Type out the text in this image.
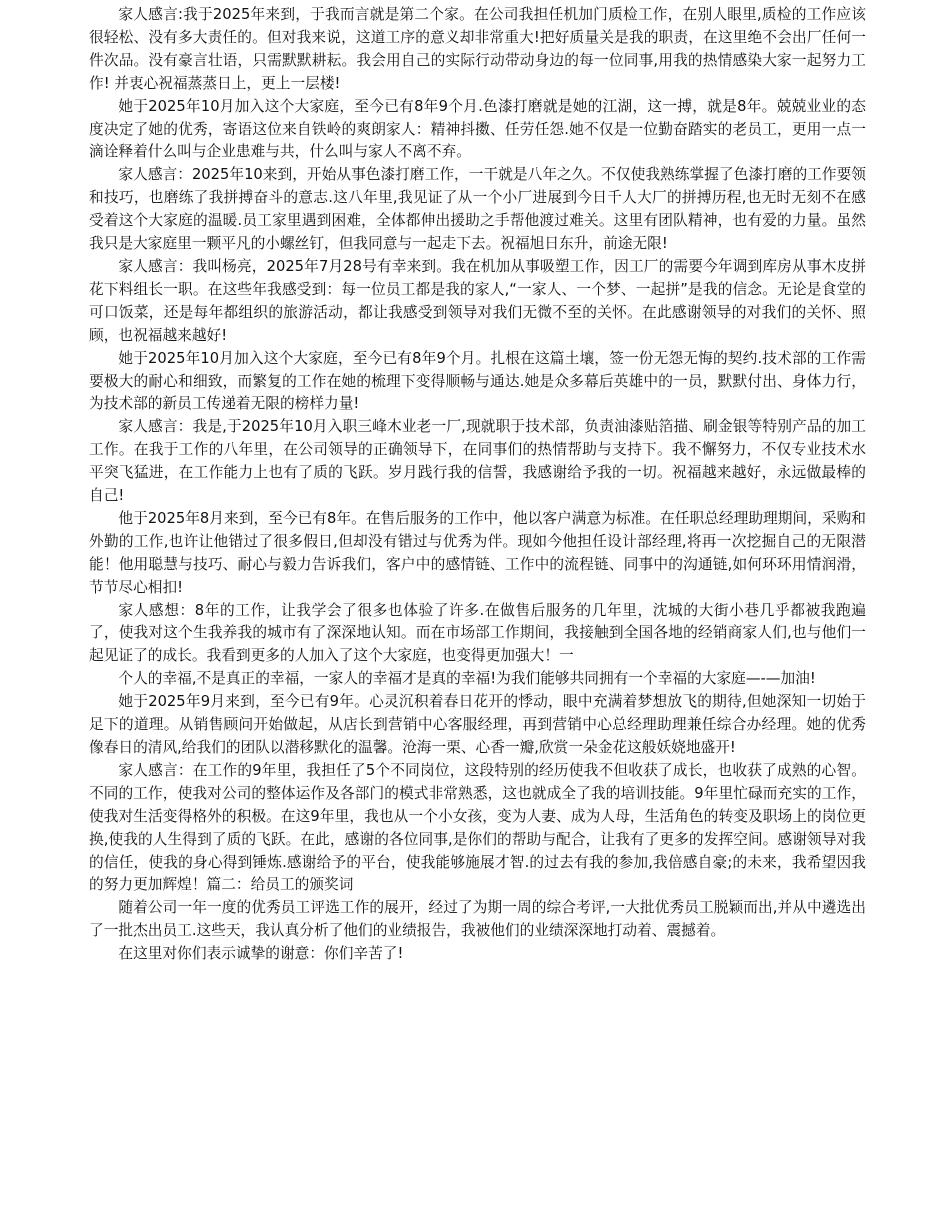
家人感言:我于2025年来到，于我而言就是第二个家。在公司我担任机加门质检工作，在别人眼里,质检的工作应该很轻松、没有多大责任的。但对我来说，这道工序的意义却非常重大!把好质量关是我的职责，在这里绝不会出厂任何一件次品。没有豪言壮语，只需默默耕耘。我会用自己的实际行动带动身边的每一位同事,用我的热情感染大家一起努力工作! 并衷心祝福蒸蒸日上，更上一层楼!

她于2025年10月加入这个大家庭，至今已有8年9个月.色漆打磨就是她的江湖，这一搏，就是8年。兢兢业业的态度决定了她的优秀，寄语这位来自铁岭的爽朗家人：精神抖擞、任劳任怨.她不仅是一位勤奋踏实的老员工，更用一点一滴诠释着什么叫与企业患难与共，什么叫与家人不离不弃。

家人感言：2025年10来到，开始从事色漆打磨工作，一干就是八年之久。不仅使我熟练掌握了色漆打磨的工作要领和技巧，也磨练了我拼搏奋斗的意志.这八年里,我见证了从一个小厂进展到今日千人大厂的拼搏历程,也无时无刻不在感受着这个大家庭的温暖.员工家里遇到困难，全体都伸出援助之手帮他渡过难关。这里有团队精神，也有爱的力量。虽然我只是大家庭里一颗平凡的小螺丝钉，但我同意与一起走下去。祝福旭日东升，前途无限!

家人感言：我叫杨亮，2025年7月28号有幸来到。我在机加从事吸塑工作，因工厂的需要今年调到库房从事木皮拼花下料组长一职。在这些年我感受到：每一位员工都是我的家人,“一家人、一个梦、一起拼”是我的信念。无论是食堂的可口饭菜，还是每年都组织的旅游活动，都让我感受到领导对我们无微不至的关怀。在此感谢领导的对我们的关怀、照顾，也祝福越来越好!

她于2025年10月加入这个大家庭，至今已有8年9个月。扎根在这篇土壤，签一份无怨无悔的契约.技术部的工作需要极大的耐心和细致，而繁复的工作在她的梳理下变得顺畅与通达.她是众多幕后英雄中的一员，默默付出、身体力行，为技术部的新员工传递着无限的榜样力量!

家人感言：我是,于2025年10月入职三峰木业老一厂,现就职于技术部，负责油漆贴箔描、刷金银等特别产品的加工工作。在我于工作的八年里，在公司领导的正确领导下，在同事们的热情帮助与支持下。我不懈努力，不仅专业技术水平突飞猛进，在工作能力上也有了质的飞跃。岁月践行我的信誓，我感谢给予我的一切。祝福越来越好，永远做最棒的自己!

他于2025年8月来到，至今已有8年。在售后服务的工作中，他以客户满意为标准。在任职总经理助理期间，采购和外勤的工作,也许让他错过了很多假日,但却没有错过与优秀为伴。现如今他担任设计部经理,将再一次挖掘自己的无限潜能！他用聪慧与技巧、耐心与毅力告诉我们，客户中的感情链、工作中的流程链、同事中的沟通链,如何环环用情润滑，节节尽心相扣!

家人感想：8年的工作，让我学会了很多也体验了许多.在做售后服务的几年里，沈城的大街小巷几乎都被我跑遍了，使我对这个生我养我的城市有了深深地认知。而在市场部工作期间，我接触到全国各地的经销商家人们,也与他们一起见证了的成长。我看到更多的人加入了这个大家庭，也变得更加强大！一

个人的幸福,不是真正的幸福，一家人的幸福才是真的幸福!为我们能够共同拥有一个幸福的大家庭—-—加油!

她于2025年9月来到，至今已有9年。心灵沉积着春日花开的悸动，眼中充满着梦想放飞的期待,但她深知一切始于足下的道理。从销售顾问开始做起，从店长到营销中心客服经理，再到营销中心总经理助理兼任综合办经理。她的优秀像春日的清风,给我们的团队以潜移默化的温馨。沧海一栗、心香一瓣,欣赏一朵金花这般妖娆地盛开!

家人感言：在工作的9年里，我担任了5个不同岗位，这段特别的经历使我不但收获了成长，也收获了成熟的心智。不同的工作，使我对公司的整体运作及各部门的模式非常熟悉，这也就成全了我的培训技能。9年里忙碌而充实的工作，使我对生活变得格外的积极。在这9年里，我也从一个小女孩，变为人妻、成为人母，生活角色的转变及职场上的岗位更换,使我的人生得到了质的飞跃。在此，感谢的各位同事,是你们的帮助与配合，让我有了更多的发挥空间。感谢领导对我的信任，使我的身心得到锤炼.感谢给予的平台，使我能够施展才智.的过去有我的参加,我倍感自豪;的未来，我希望因我的努力更加辉煌！篇二：给员工的颁奖词

随着公司一年一度的优秀员工评选工作的展开，经过了为期一周的综合考评,一大批优秀员工脱颖而出,并从中遴选出了一批杰出员工.这些天，我认真分析了他们的业绩报告，我被他们的业绩深深地打动着、震撼着。

在这里对你们表示诚挚的谢意：你们辛苦了!
